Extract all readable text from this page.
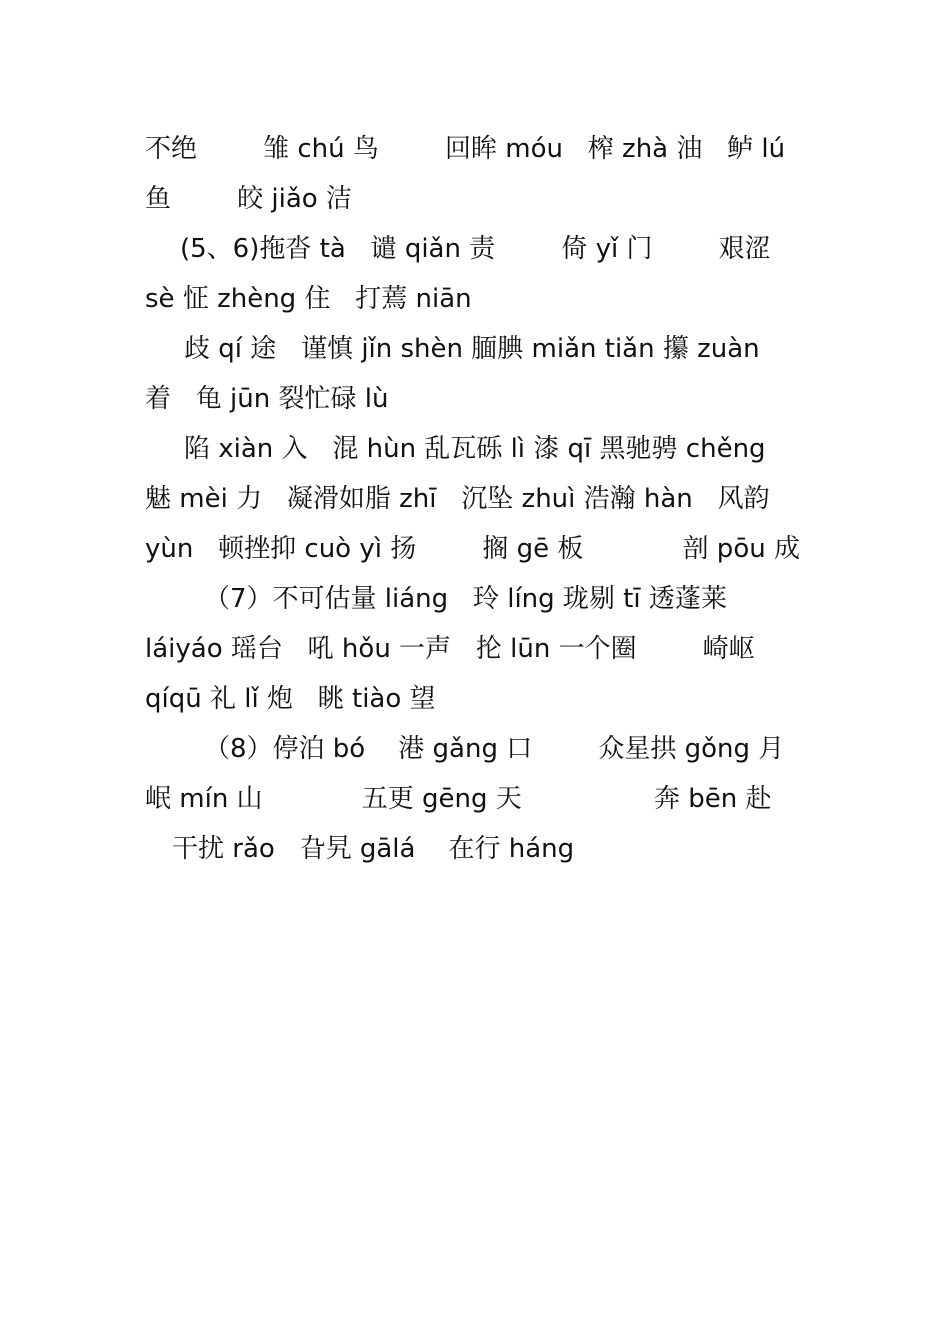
不绝        雏 chú 鸟        回眸 móu   榨 zhà 油   鲈 lú
鱼        皎 jiǎo 洁
(5、6)拖沓 tà   谴 qiǎn 责        倚 yǐ 门        艰涩
sè 怔 zhèng 住   打蔫 niān
歧 qí 途   谨慎 jǐn shèn 腼腆 miǎn tiǎn 攥 zuàn
着   龟 jūn 裂忙碌 lù
陷 xiàn 入   混 hùn 乱瓦砾 lì 漆 qī 黑驰骋 chěng
魅 mèi 力   凝滑如脂 zhī   沉坠 zhuì 浩瀚 hàn   风韵
yùn   顿挫抑 cuò yì 扬        搁 gē 板            剖 pōu 成
（7）不可估量 liáng   玲 líng 珑剔 tī 透蓬莱
láiyáo 瑶台   吼 hǒu 一声   抡 lūn 一个圈        崎岖
qíqū 礼 lǐ 炮   眺 tiào 望
（8）停泊 bó    港 gǎng 口        众星拱 gǒng 月
岷 mín 山            五更 gēng 天                奔 bēn 赴
干扰 rǎo   旮旯 gālá    在行 háng
